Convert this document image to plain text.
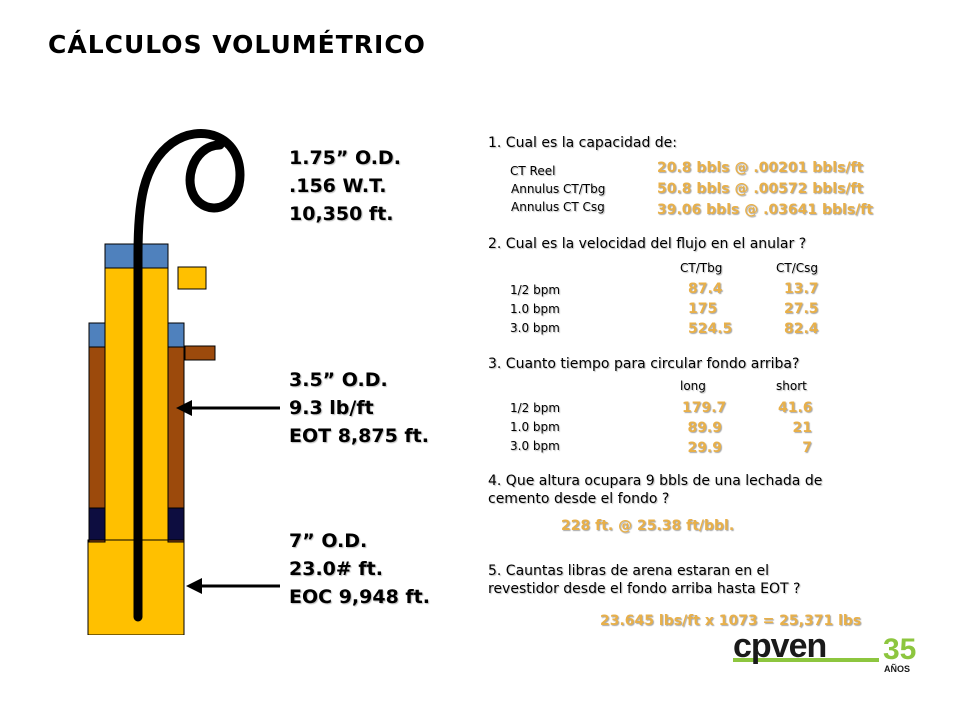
CÁLCULOS VOLUMÉTRICO
1.75” O.D.
.156 W.T.
10,350 ft.
3.5” O.D.
9.3 lb/ft
EOT 8,875 ft.
7” O.D.
23.0# ft.
EOC 9,948 ft.
1. Cual es la capacidad de:
CT Reel
Annulus CT/Tbg
Annulus CT Csg
20.8 bbls @ .00201 bbls/ft
50.8 bbls @ .00572 bbls/ft
39.06 bbls @ .03641 bbls/ft
2. Cual es la velocidad del flujo en el anular ?
CT/Tbg	CT/Csg
1/2 bpm
1.0 bpm
3.0 bpm
87.4
175
524.5
13.7
27.5
82.4
3. Cuanto tiempo para circular fondo arriba?
long	short
1/2 bpm
1.0 bpm
3.0 bpm
179.7
89.9
29.9
41.6
21
7
4. Que altura ocupara 9 bbls de una lechada de
cemento desde el fondo ?
228 ft. @ 25.38 ft/bbl.
5. Cauntas libras de arena estaran en el
revestidor desde el fondo arriba hasta EOT ?
23.645 lbs/ft x 1073 = 25,371 lbs
cpven 35
AÑOS
